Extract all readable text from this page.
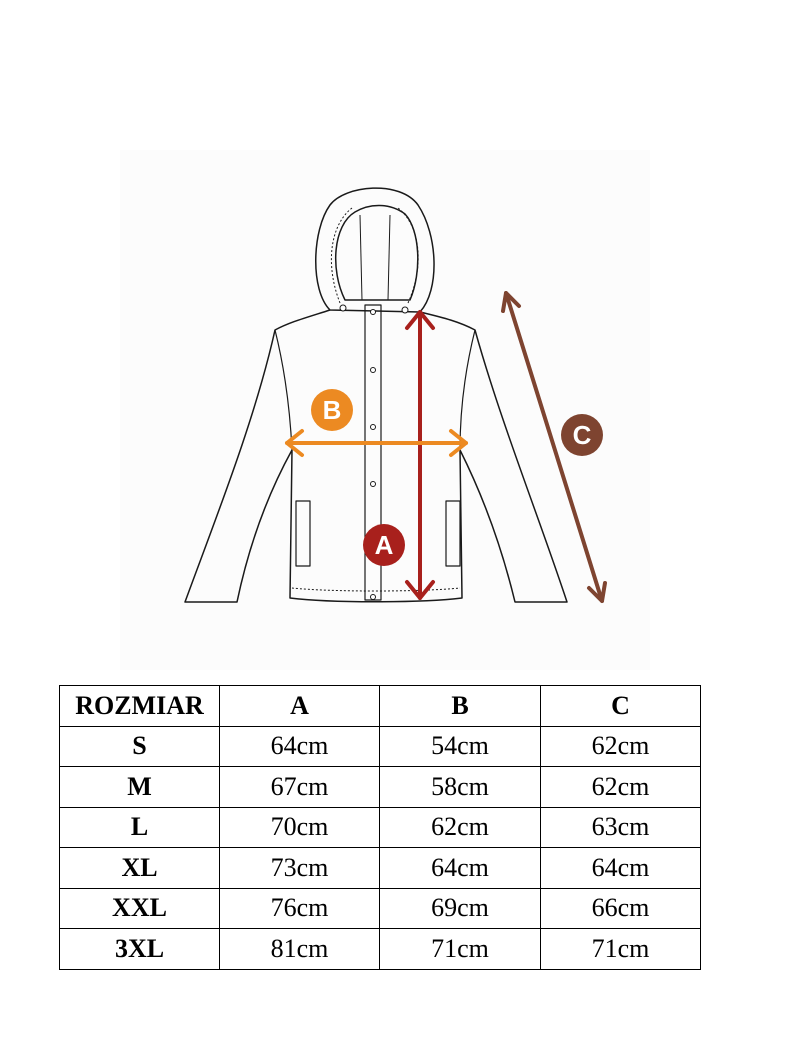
A
B
C
ROZMIAR	A	B	C
S	64cm	54cm	62cm
M	67cm	58cm	62cm
L	70cm	62cm	63cm
XL	73cm	64cm	64cm
XXL	76cm	69cm	66cm
3XL	81cm	71cm	71cm
